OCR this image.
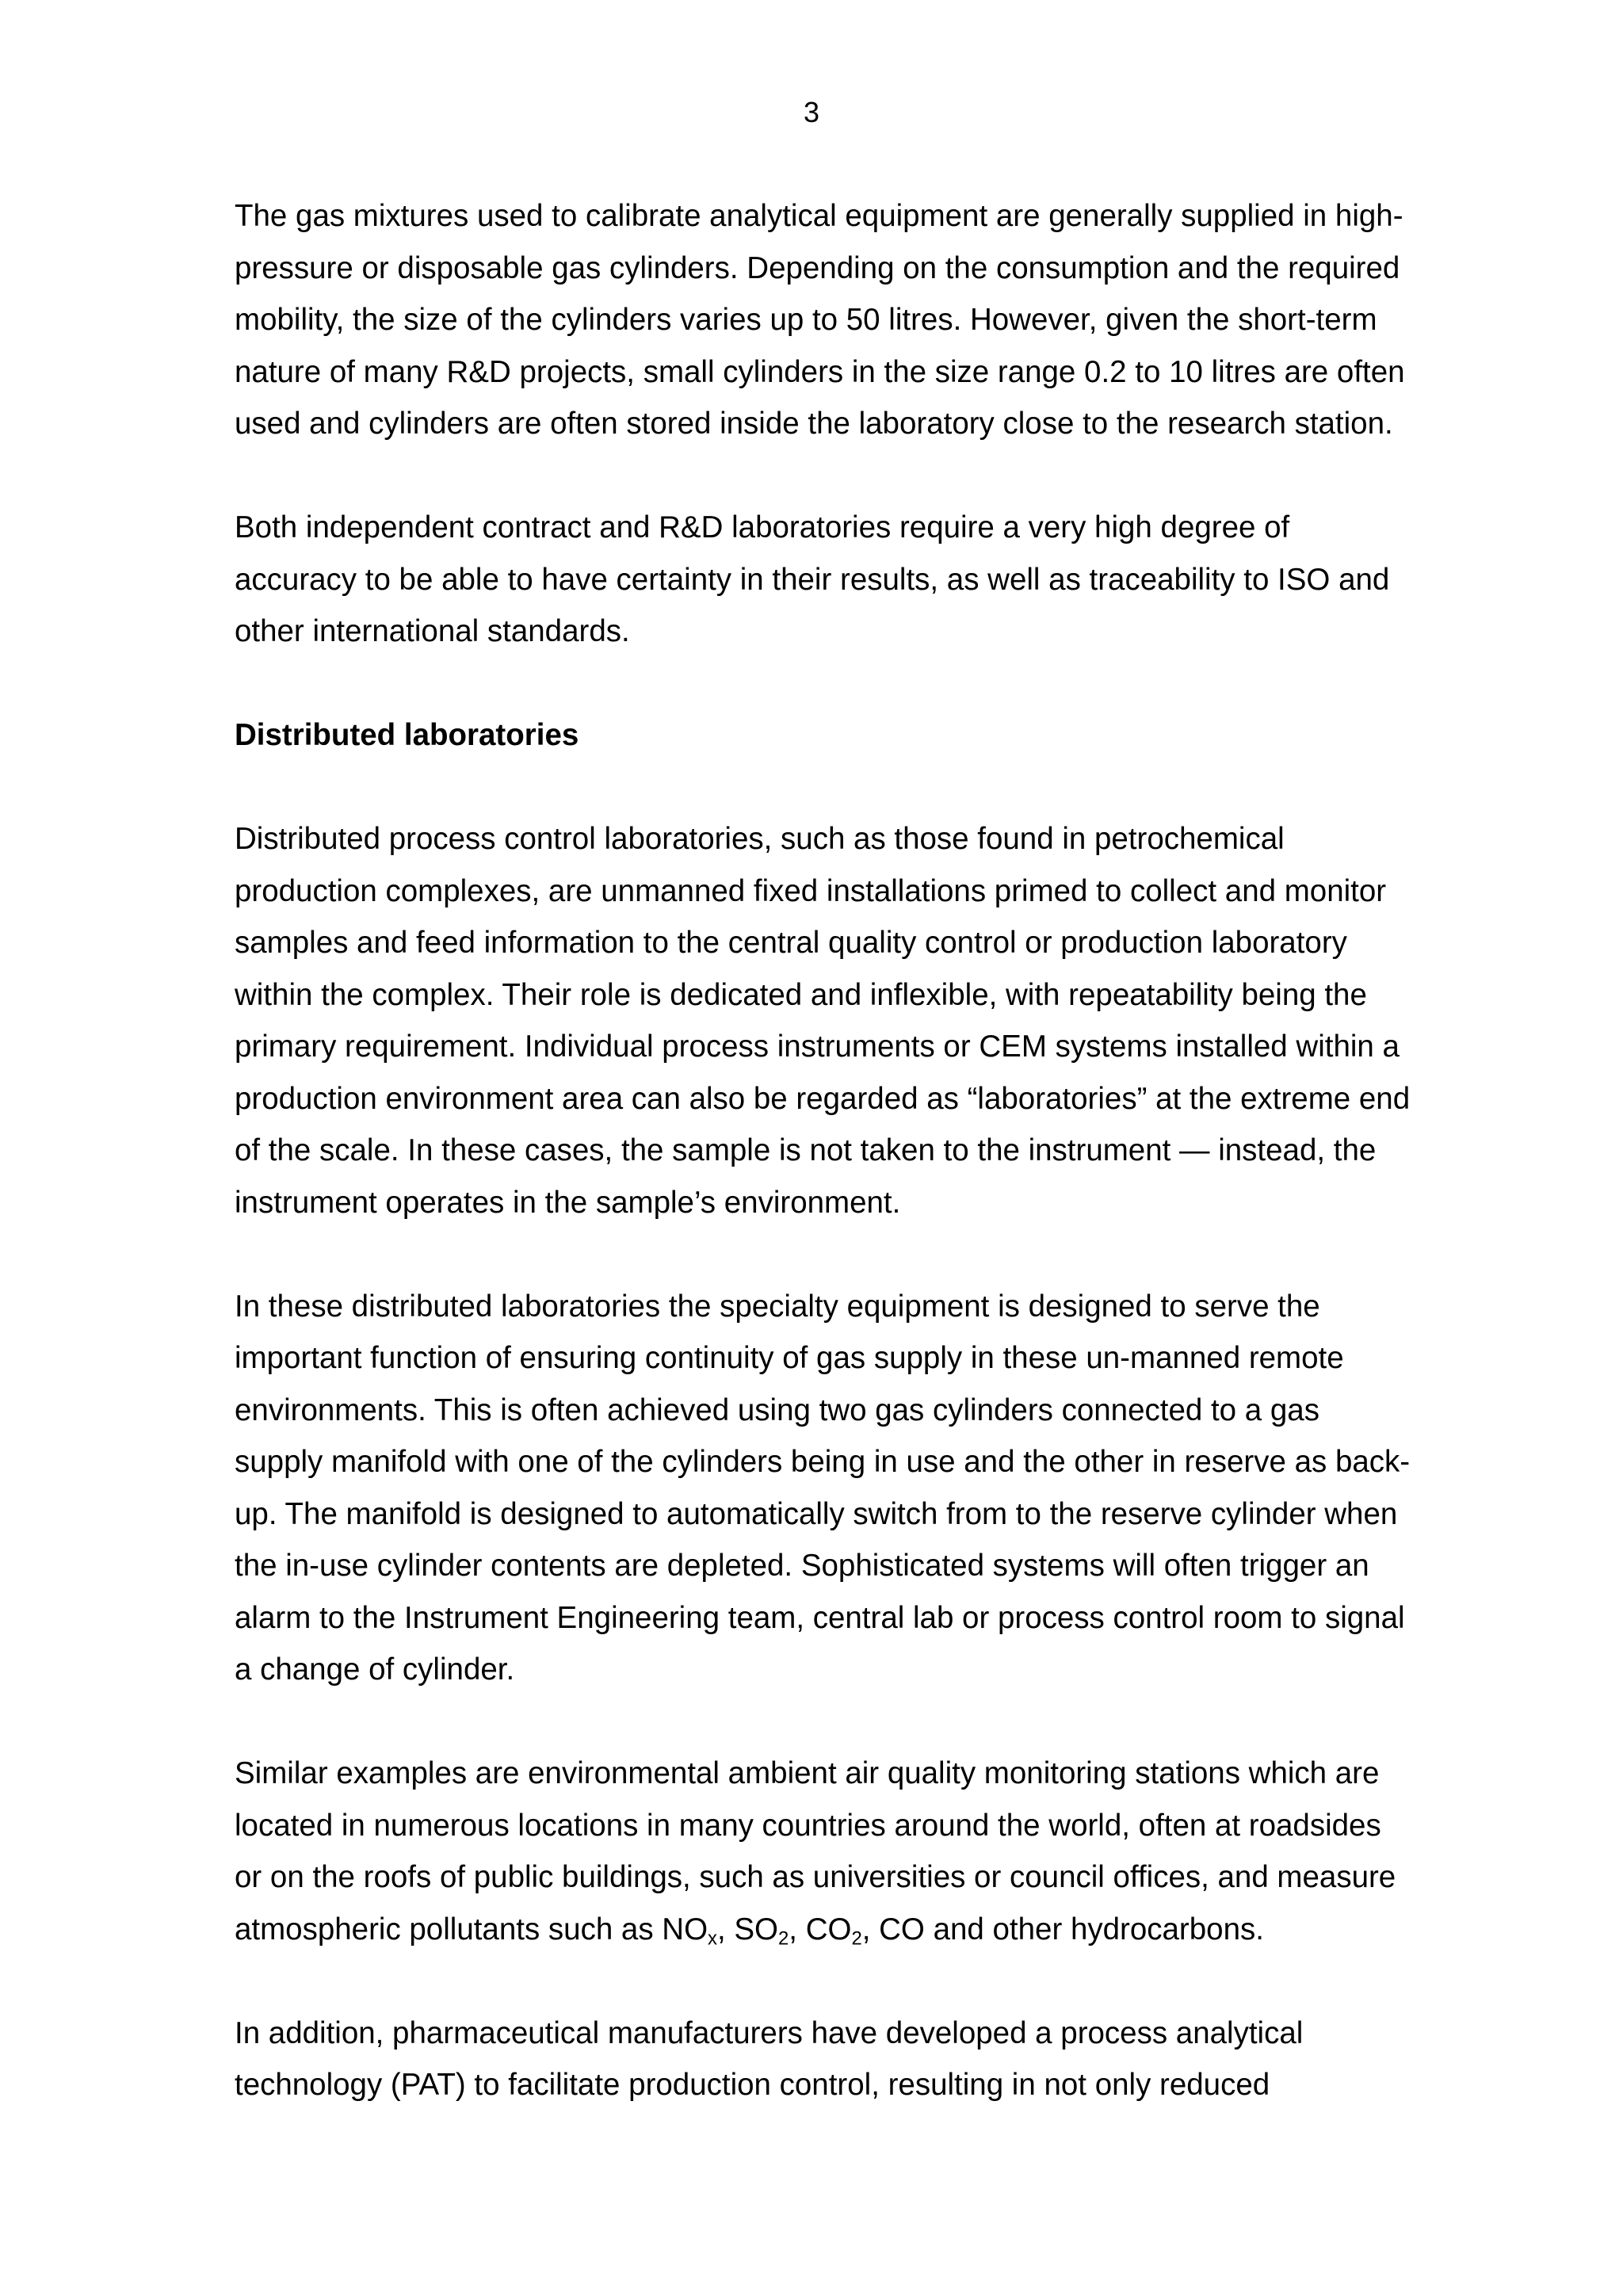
3

The gas mixtures used to calibrate analytical equipment are generally supplied in high-
pressure or disposable gas cylinders. Depending on the consumption and the required
mobility, the size of the cylinders varies up to 50 litres. However, given the short-term
nature of many R&D projects, small cylinders in the size range 0.2 to 10 litres are often
used and cylinders are often stored inside the laboratory close to the research station.

Both independent contract and R&D laboratories require a very high degree of
accuracy to be able to have certainty in their results, as well as traceability to ISO and
other international standards.

Distributed laboratories

Distributed process control laboratories, such as those found in petrochemical
production complexes, are unmanned fixed installations primed to collect and monitor
samples and feed information to the central quality control or production laboratory
within the complex. Their role is dedicated and inflexible, with repeatability being the
primary requirement. Individual process instruments or CEM systems installed within a
production environment area can also be regarded as “laboratories” at the extreme end
of the scale. In these cases, the sample is not taken to the instrument — instead, the
instrument operates in the sample’s environment.

In these distributed laboratories the specialty equipment is designed to serve the
important function of ensuring continuity of gas supply in these un-manned remote
environments. This is often achieved using two gas cylinders connected to a gas
supply manifold with one of the cylinders being in use and the other in reserve as back-
up. The manifold is designed to automatically switch from to the reserve cylinder when
the in-use cylinder contents are depleted. Sophisticated systems will often trigger an
alarm to the Instrument Engineering team, central lab or process control room to signal
a change of cylinder.

Similar examples are environmental ambient air quality monitoring stations which are
located in numerous locations in many countries around the world, often at roadsides
or on the roofs of public buildings, such as universities or council offices, and measure
atmospheric pollutants such as $NO_x$, $SO_2$, $CO_2$, CO and other hydrocarbons.

In addition, pharmaceutical manufacturers have developed a process analytical
technology (PAT) to facilitate production control, resulting in not only reduced
